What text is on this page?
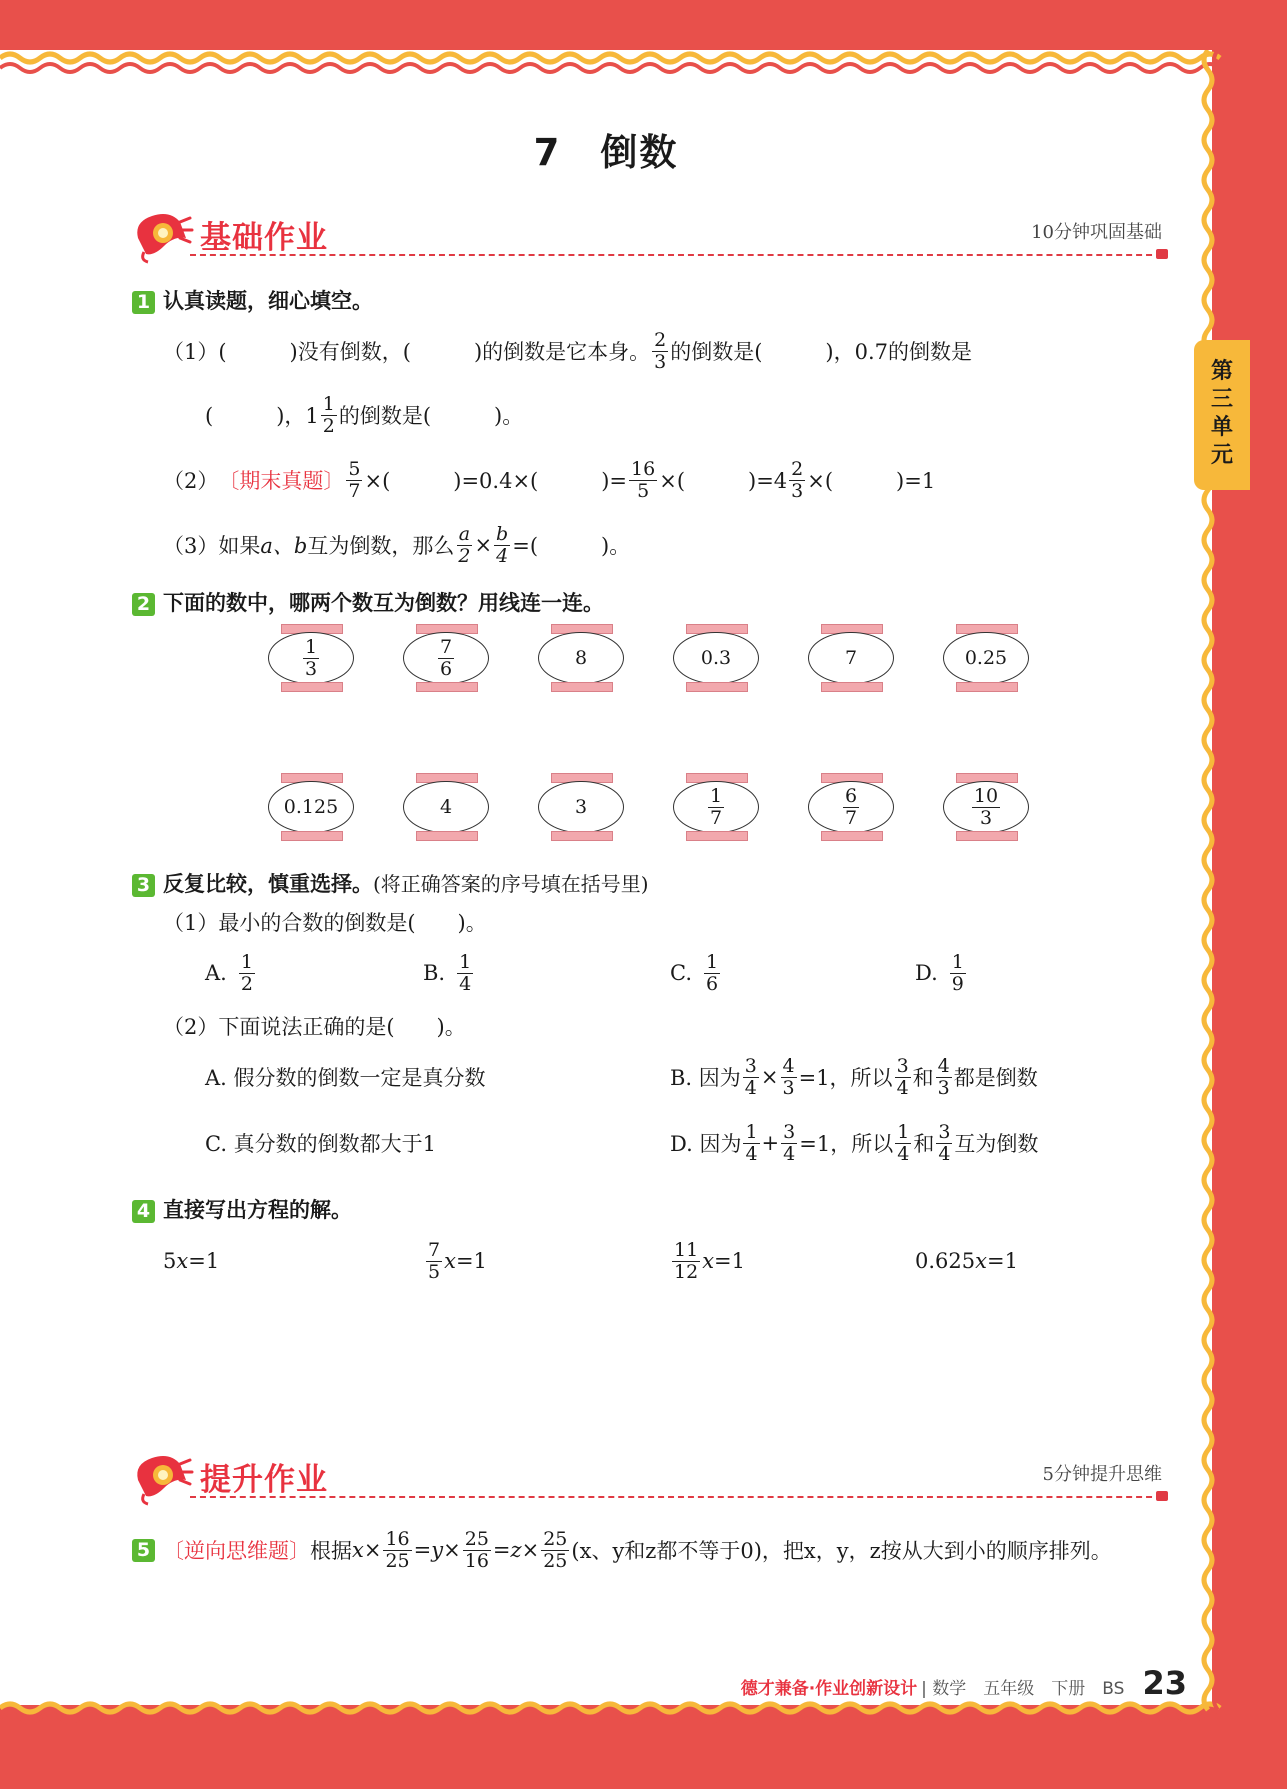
第三单元
7　倒数
基础作业	10分钟巩固基础
1 认真读题，细心填空。
（1）(　　　)没有倒数，(　　　)的倒数是它本身。 $\frac{2}{3}$ 的倒数是(　　　)，0.7的倒数是
(　　　)，$1 \frac{1}{2}$ 的倒数是(　　　)。
（2） 〔期末真题〕 $\frac{5}{7}$ ×(　　　)=0.4×(　　　)= $\frac{16}{5}$ ×(　　　)$=4 \frac{2}{3}$ ×(　　　)=1
（3）如果 a、b 互为倒数，那么 $\frac{a}{2} \times \frac{b}{4}$ =(　　　)。
2 下面的数中，哪两个数互为倒数？用线连一连。
$\frac{1}{3}$	$\frac{7}{6}$	8	0.3	7	0.25
0.125	4	3	$\frac{1}{7}$	$\frac{6}{7}$	$\frac{10}{3}$
3 反复比较，慎重选择。(将正确答案的序号填在括号里)
（1）最小的合数的倒数是(　　)。
A. $\frac{1}{2}$	B. $\frac{1}{4}$	C. $\frac{1}{6}$	D. $\frac{1}{9}$
（2）下面说法正确的是(　　)。
A. 假分数的倒数一定是真分数	B. 因为 $\frac{3}{4} \times \frac{4}{3} =1$，所以 $\frac{3}{4}$ 和 $\frac{4}{3}$ 都是倒数
C. 真分数的倒数都大于1	D. 因为 $\frac{1}{4} + \frac{3}{4} =1$，所以 $\frac{1}{4}$ 和 $\frac{3}{4}$ 互为倒数
4 直接写出方程的解。
5 x =1	$\frac{7}{5}$ x =1	$\frac{11}{12}$ x =1	0.625 x =1
提升作业	5分钟提升思维
5 〔逆向思维题〕 根据 $x \times \frac{16}{25} = y \times \frac{25}{16} = z \times \frac{25}{25} (x$、y和z都不等于0)，把x，y，z按从大到小的顺序排列。
德才兼备·作业创新设计 | 数学　五年级　下册　BS 23
